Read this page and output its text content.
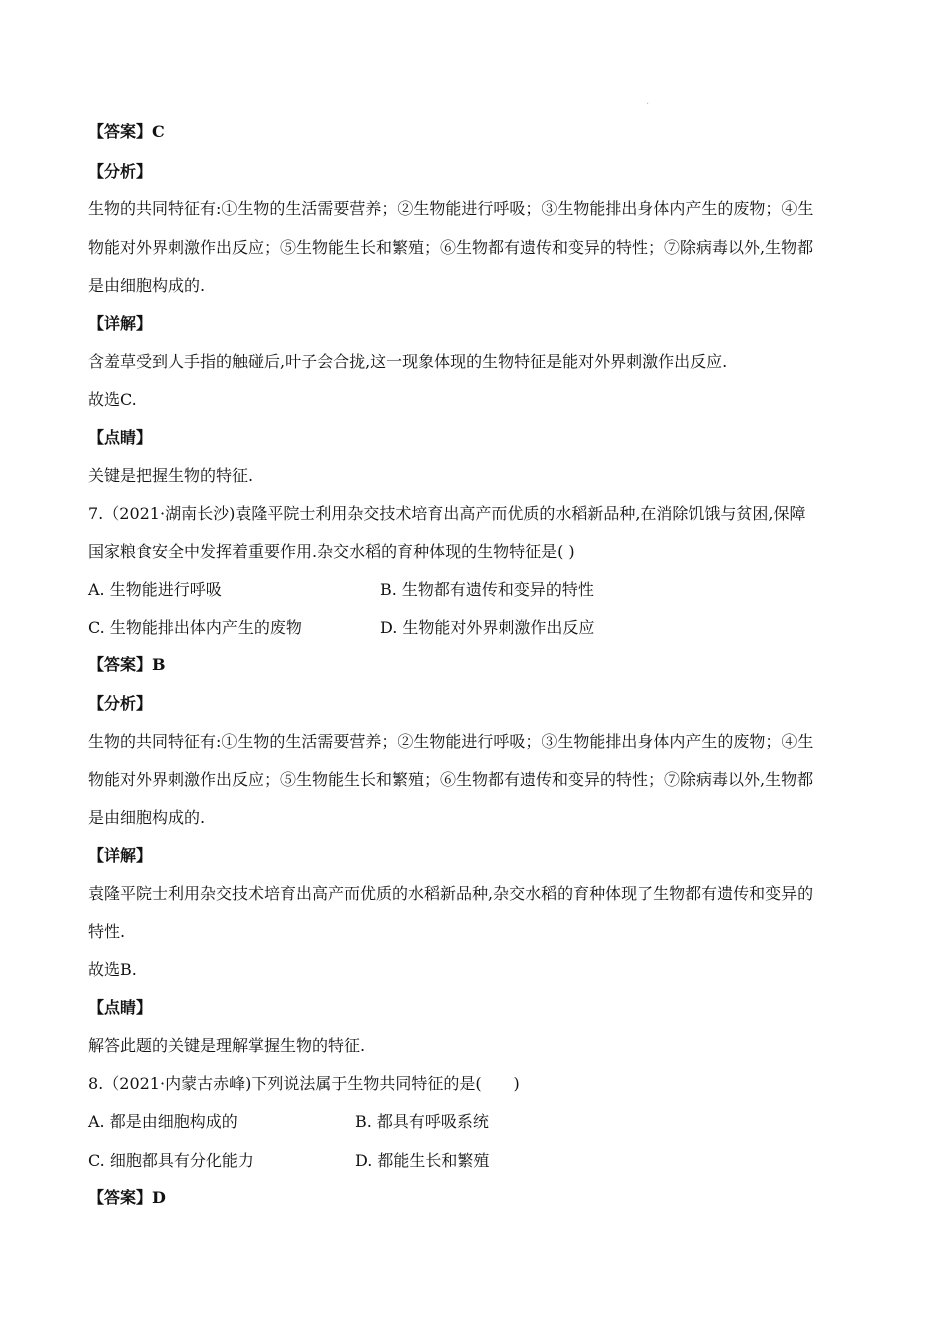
.
【答案】C
【分析】
生物的共同特征有:①生物的生活需要营养；②生物能进行呼吸；③生物能排出身体内产生的废物；④生
物能对外界刺激作出反应；⑤生物能生长和繁殖；⑥生物都有遗传和变异的特性；⑦除病毒以外,生物都
是由细胞构成的.
【详解】
含羞草受到人手指的触碰后,叶子会合拢,这一现象体现的生物特征是能对外界刺激作出反应.
故选C.
【点睛】
关键是把握生物的特征.
7.（2021·湖南长沙)袁隆平院士利用杂交技术培育出高产而优质的水稻新品种,在消除饥饿与贫困,保障
国家粮食安全中发挥着重要作用.杂交水稻的育种体现的生物特征是( )
A. 生物能进行呼吸	B. 生物都有遗传和变异的特性
C. 生物能排出体内产生的废物	D. 生物能对外界刺激作出反应
【答案】B
【分析】
生物的共同特征有:①生物的生活需要营养；②生物能进行呼吸；③生物能排出身体内产生的废物；④生
物能对外界刺激作出反应；⑤生物能生长和繁殖；⑥生物都有遗传和变异的特性；⑦除病毒以外,生物都
是由细胞构成的.
【详解】
袁隆平院士利用杂交技术培育出高产而优质的水稻新品种,杂交水稻的育种体现了生物都有遗传和变异的
特性.
故选B.
【点睛】
解答此题的关键是理解掌握生物的特征.
8.（2021·内蒙古赤峰)下列说法属于生物共同特征的是(　　)
A. 都是由细胞构成的	B. 都具有呼吸系统
C. 细胞都具有分化能力	D. 都能生长和繁殖
【答案】D
